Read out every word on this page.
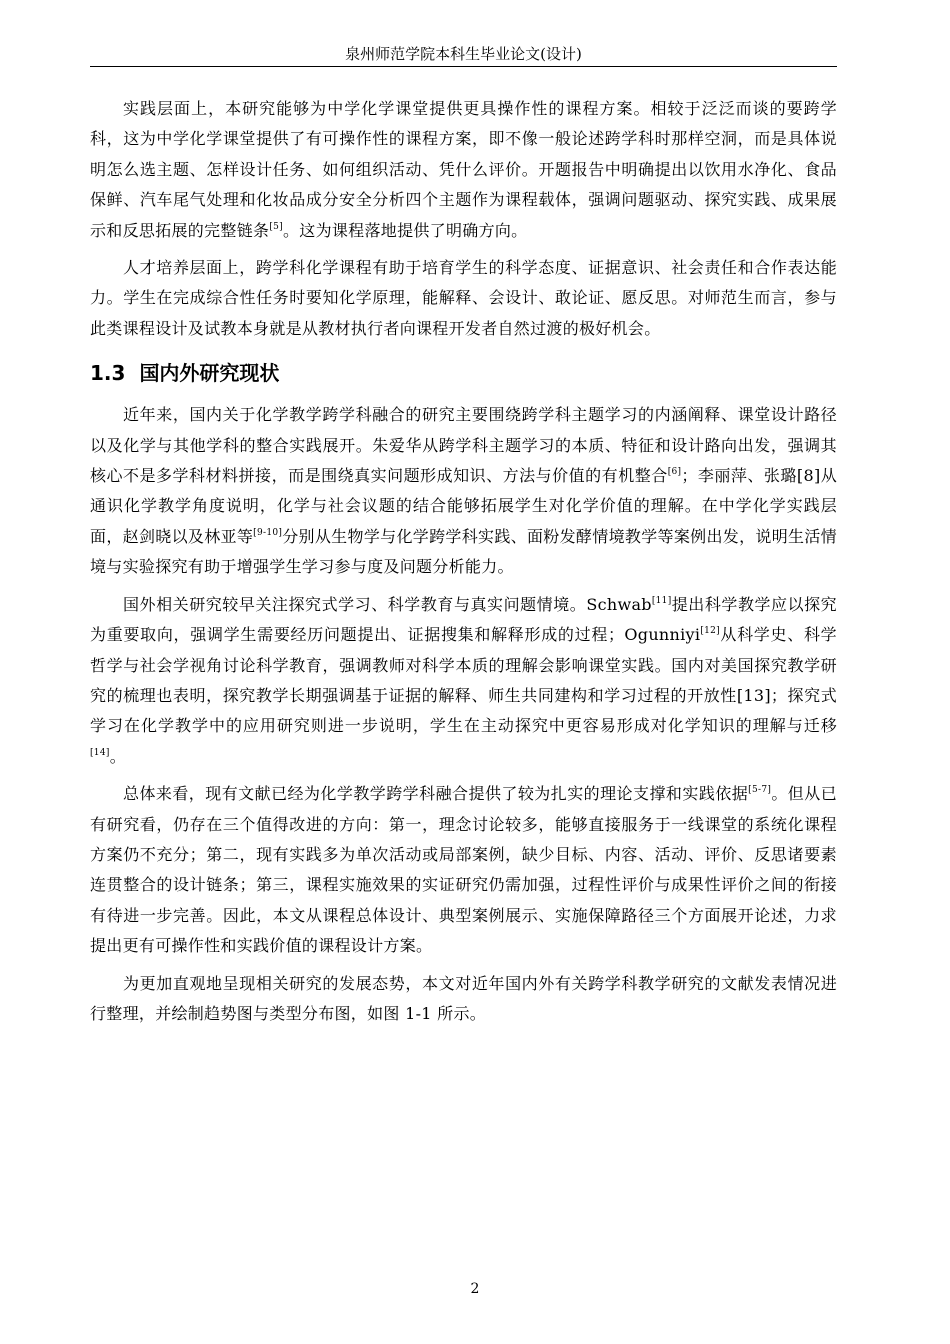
泉州师范学院本科生毕业论文(设计)

实践层面上，本研究能够为中学化学课堂提供更具操作性的课程方案。相较于泛泛而谈的要跨学科，这为中学化学课堂提供了有可操作性的课程方案，即不像一般论述跨学科时那样空洞，而是具体说明怎么选主题、怎样设计任务、如何组织活动、凭什么评价。开题报告中明确提出以饮用水净化、食品保鲜、汽车尾气处理和化妆品成分安全分析四个主题作为课程载体，强调问题驱动、探究实践、成果展示和反思拓展的完整链条[5]。这为课程落地提供了明确方向。

人才培养层面上，跨学科化学课程有助于培育学生的科学态度、证据意识、社会责任和合作表达能力。学生在完成综合性任务时要知化学原理，能解释、会设计、敢论证、愿反思。对师范生而言，参与此类课程设计及试教本身就是从教材执行者向课程开发者自然过渡的极好机会。

1.3 国内外研究现状

近年来，国内关于化学教学跨学科融合的研究主要围绕跨学科主题学习的内涵阐释、课堂设计路径以及化学与其他学科的整合实践展开。朱爱华从跨学科主题学习的本质、特征和设计路向出发，强调其核心不是多学科材料拼接，而是围绕真实问题形成知识、方法与价值的有机整合[6]；李丽萍、张璐[8]从通识化学教学角度说明，化学与社会议题的结合能够拓展学生对化学价值的理解。在中学化学实践层面，赵剑晓以及林亚等[9-10]分别从生物学与化学跨学科实践、面粉发酵情境教学等案例出发，说明生活情境与实验探究有助于增强学生学习参与度及问题分析能力。

国外相关研究较早关注探究式学习、科学教育与真实问题情境。Schwab[11]提出科学教学应以探究为重要取向，强调学生需要经历问题提出、证据搜集和解释形成的过程；Ogunniyi[12]从科学史、科学哲学与社会学视角讨论科学教育，强调教师对科学本质的理解会影响课堂实践。国内对美国探究教学研究的梳理也表明，探究教学长期强调基于证据的解释、师生共同建构和学习过程的开放性[13]；探究式学习在化学教学中的应用研究则进一步说明，学生在主动探究中更容易形成对化学知识的理解与迁移[14]。

总体来看，现有文献已经为化学教学跨学科融合提供了较为扎实的理论支撑和实践依据[5-7]。但从已有研究看，仍存在三个值得改进的方向：第一，理念讨论较多，能够直接服务于一线课堂的系统化课程方案仍不充分；第二，现有实践多为单次活动或局部案例，缺少目标、内容、活动、评价、反思诸要素连贯整合的设计链条；第三，课程实施效果的实证研究仍需加强，过程性评价与成果性评价之间的衔接有待进一步完善。因此，本文从课程总体设计、典型案例展示、实施保障路径三个方面展开论述，力求提出更有可操作性和实践价值的课程设计方案。

为更加直观地呈现相关研究的发展态势，本文对近年国内外有关跨学科教学研究的文献发表情况进行整理，并绘制趋势图与类型分布图，如图 1-1 所示。

2
